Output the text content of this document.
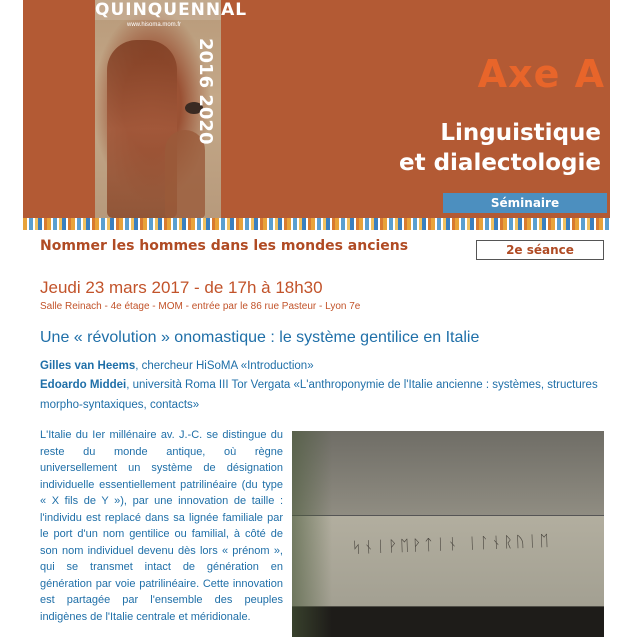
QUINQUENNAL
www.hisoma.mom.fr
2016 2020	Axe A
Linguistique
et dialectologie
Séminaire
Nommer les hommes dans les mondes anciens	2e séance
Jeudi 23 mars 2017 - de 17h à 18h30
Salle Reinach - 4e étage - MOM - entrée par le 86 rue Pasteur - Lyon 7e
Une « révolution » onomastique : le système gentilice en Italie
Gilles van Heems, chercheur HiSoMA «Introduction»
Edoardo Middei, università Roma III Tor Vergata «L'anthroponymie de l'Italie ancienne : systèmes, structures morpho-syntaxiques, contacts»
L'Italie du Ier millénaire av. J.-C. se distingue du reste du monde antique, où règne universellement un système de désignation individuelle essentiellement patrilinéaire (du type « X fils de Y »), par une innovation de taille : l'individu est replacé dans sa lignée familiale par le port d'un nom gentilice ou familial, à côté de son nom individuel devenu dès lors « prénom », qui se transmet intact de génération en génération par voie patrilinéaire. Cette innovation est partagée par l'ensemble des peuples indigènes de l'Italie centrale et méridionale.
ᛋᚾᛁᚹᛖᚹᛏᛁᚾ ᛁᛚᚾᚱᚢᛁᛖ
